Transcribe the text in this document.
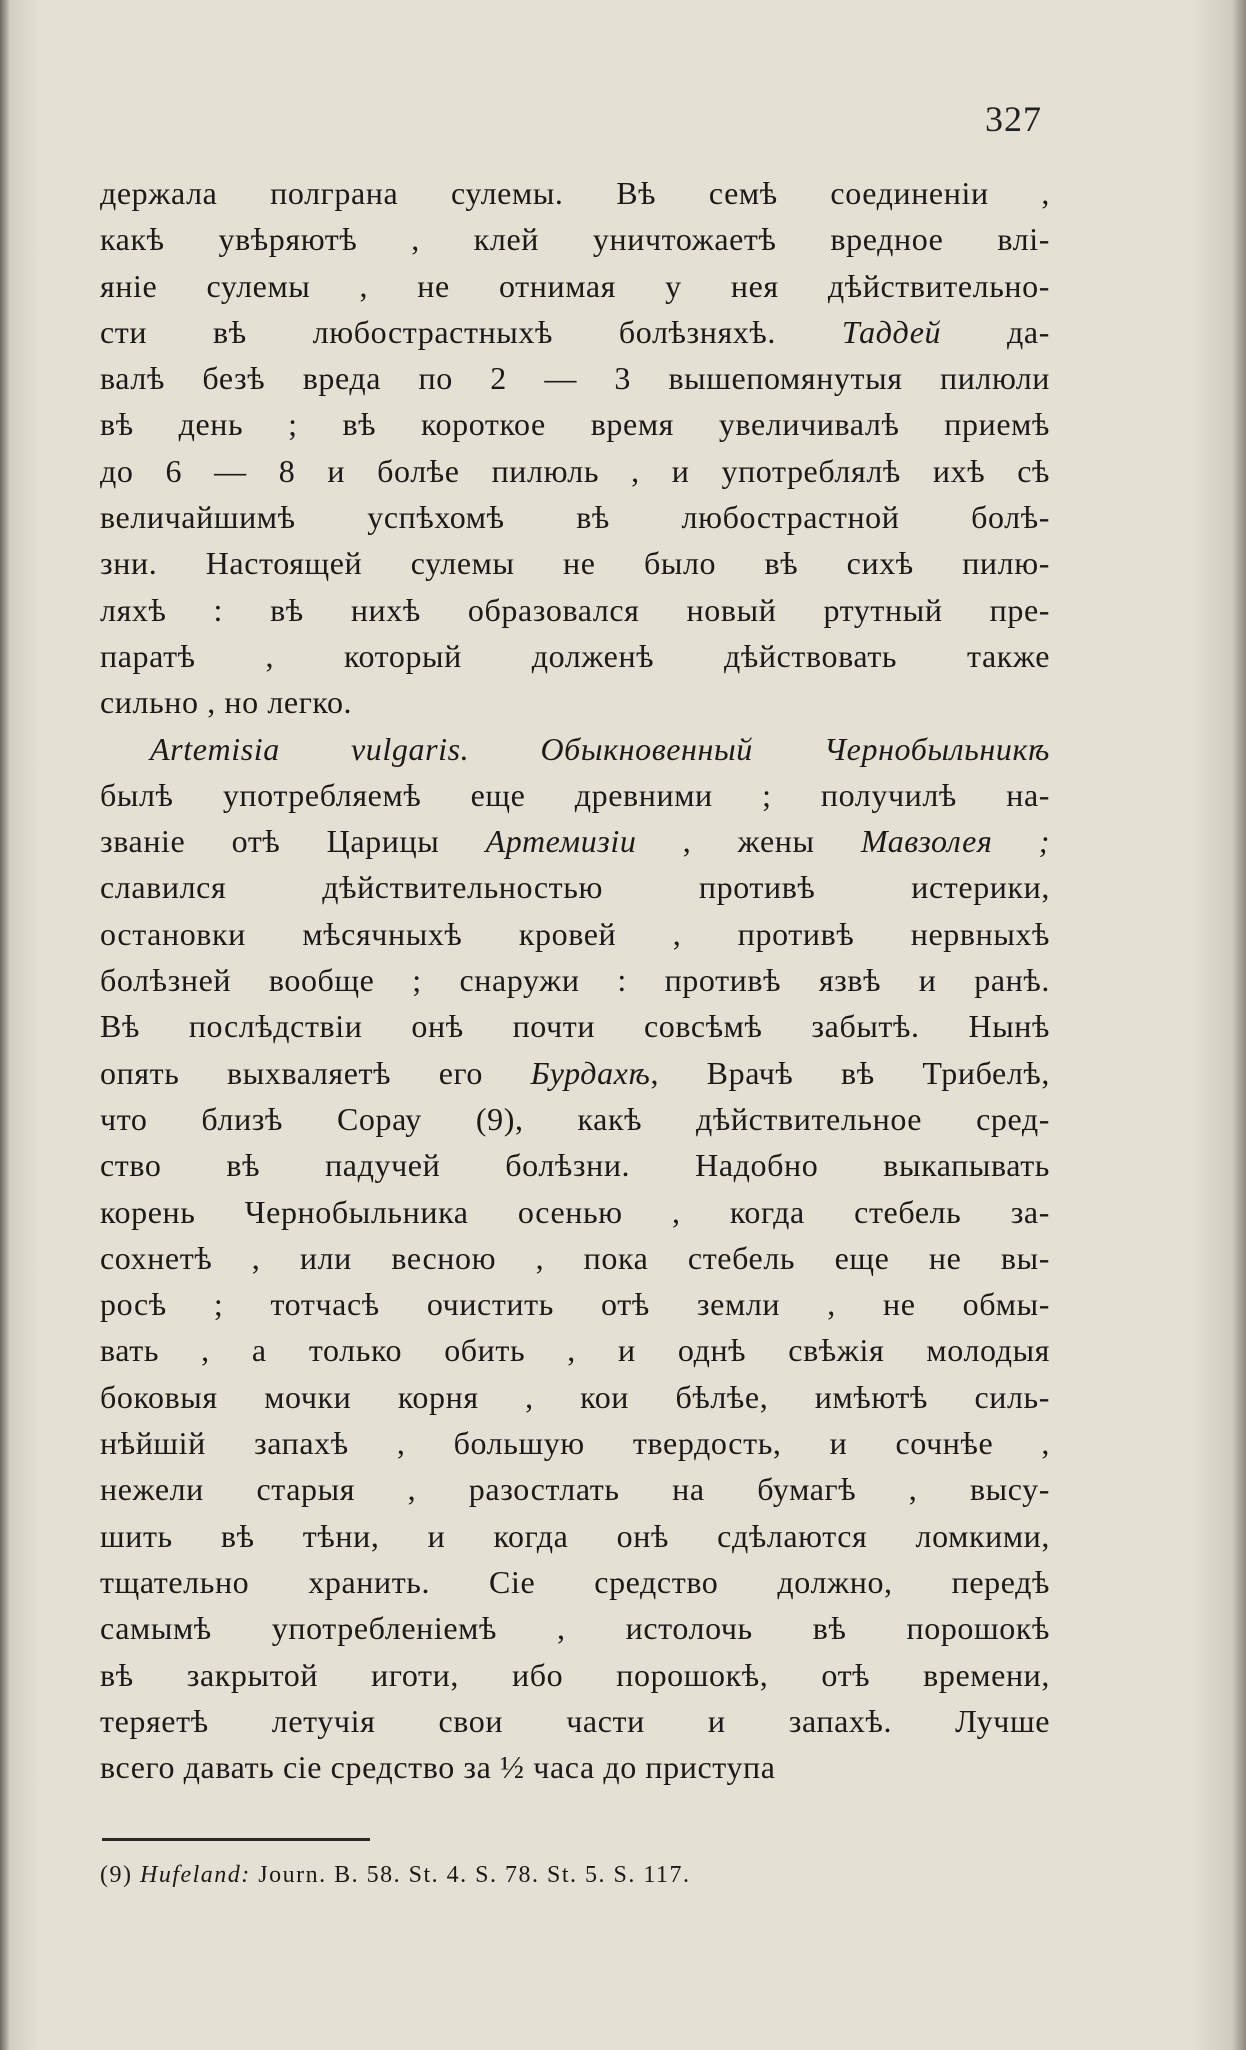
327
держала полграна сулемы. Вѣ семѣ соединеніи ,
какѣ увѣряютѣ , клей уничтожаетѣ вредное влі-
яніе сулемы , не отнимая у нея дѣйствительно-
сти вѣ любострастныхѣ болѣзняхѣ. Таддей да-
валѣ безѣ вреда по 2 — 3 вышепомянутыя пилюли
вѣ день ; вѣ короткое время увеличивалѣ приемѣ
до 6 — 8 и болѣе пилюль , и употреблялѣ ихѣ сѣ
величайшимѣ успѣхомѣ вѣ любострастной болѣ-
зни. Настоящей сулемы не было вѣ сихѣ пилю-
ляхѣ : вѣ нихѣ образовался новый ртутный пре-
паратѣ , который долженѣ дѣйствовать также
сильно , но легко.
Artemisia vulgaris. Обыкновенный Чернобыльникѣ
былѣ употребляемѣ еще древними ; получилѣ на-
званіе отѣ Царицы Артемизіи , жены Мавзолея ;
славился дѣйствительностью противѣ истерики,
остановки мѣсячныхѣ кровей , противѣ нервныхѣ
болѣзней вообще ; снаружи : противѣ язвѣ и ранѣ.
Вѣ послѣдствіи онѣ почти совсѣмѣ забытѣ. Нынѣ
опять выхваляетѣ его Бурдахѣ, Врачѣ вѣ Трибелѣ,
что близѣ Сорау (9), какѣ дѣйствительное сред-
ство вѣ падучей болѣзни. Надобно выкапывать
корень Чернобыльника осенью , когда стебель за-
сохнетѣ , или весною , пока стебель еще не вы-
росѣ ; тотчасѣ очистить отѣ земли , не обмы-
вать , а только обить , и однѣ свѣжія молодыя
боковыя мочки корня , кои бѣлѣе, имѣютѣ силь-
нѣйшій запахѣ , большую твердость, и сочнѣе ,
нежели старыя , разостлать на бумагѣ , высу-
шить вѣ тѣни, и когда онѣ сдѣлаются ломкими,
тщательно хранить. Сіе средство должно, передѣ
самымѣ употребленіемѣ , истолочь вѣ порошокѣ
вѣ закрытой иготи, ибо порошокѣ, отѣ времени,
теряетѣ летучія свои части и запахѣ. Лучше
всего давать сіе средство за ½ часа до приступа
(9) Hufeland: Journ. B. 58. St. 4. S. 78. St. 5. S. 117.
